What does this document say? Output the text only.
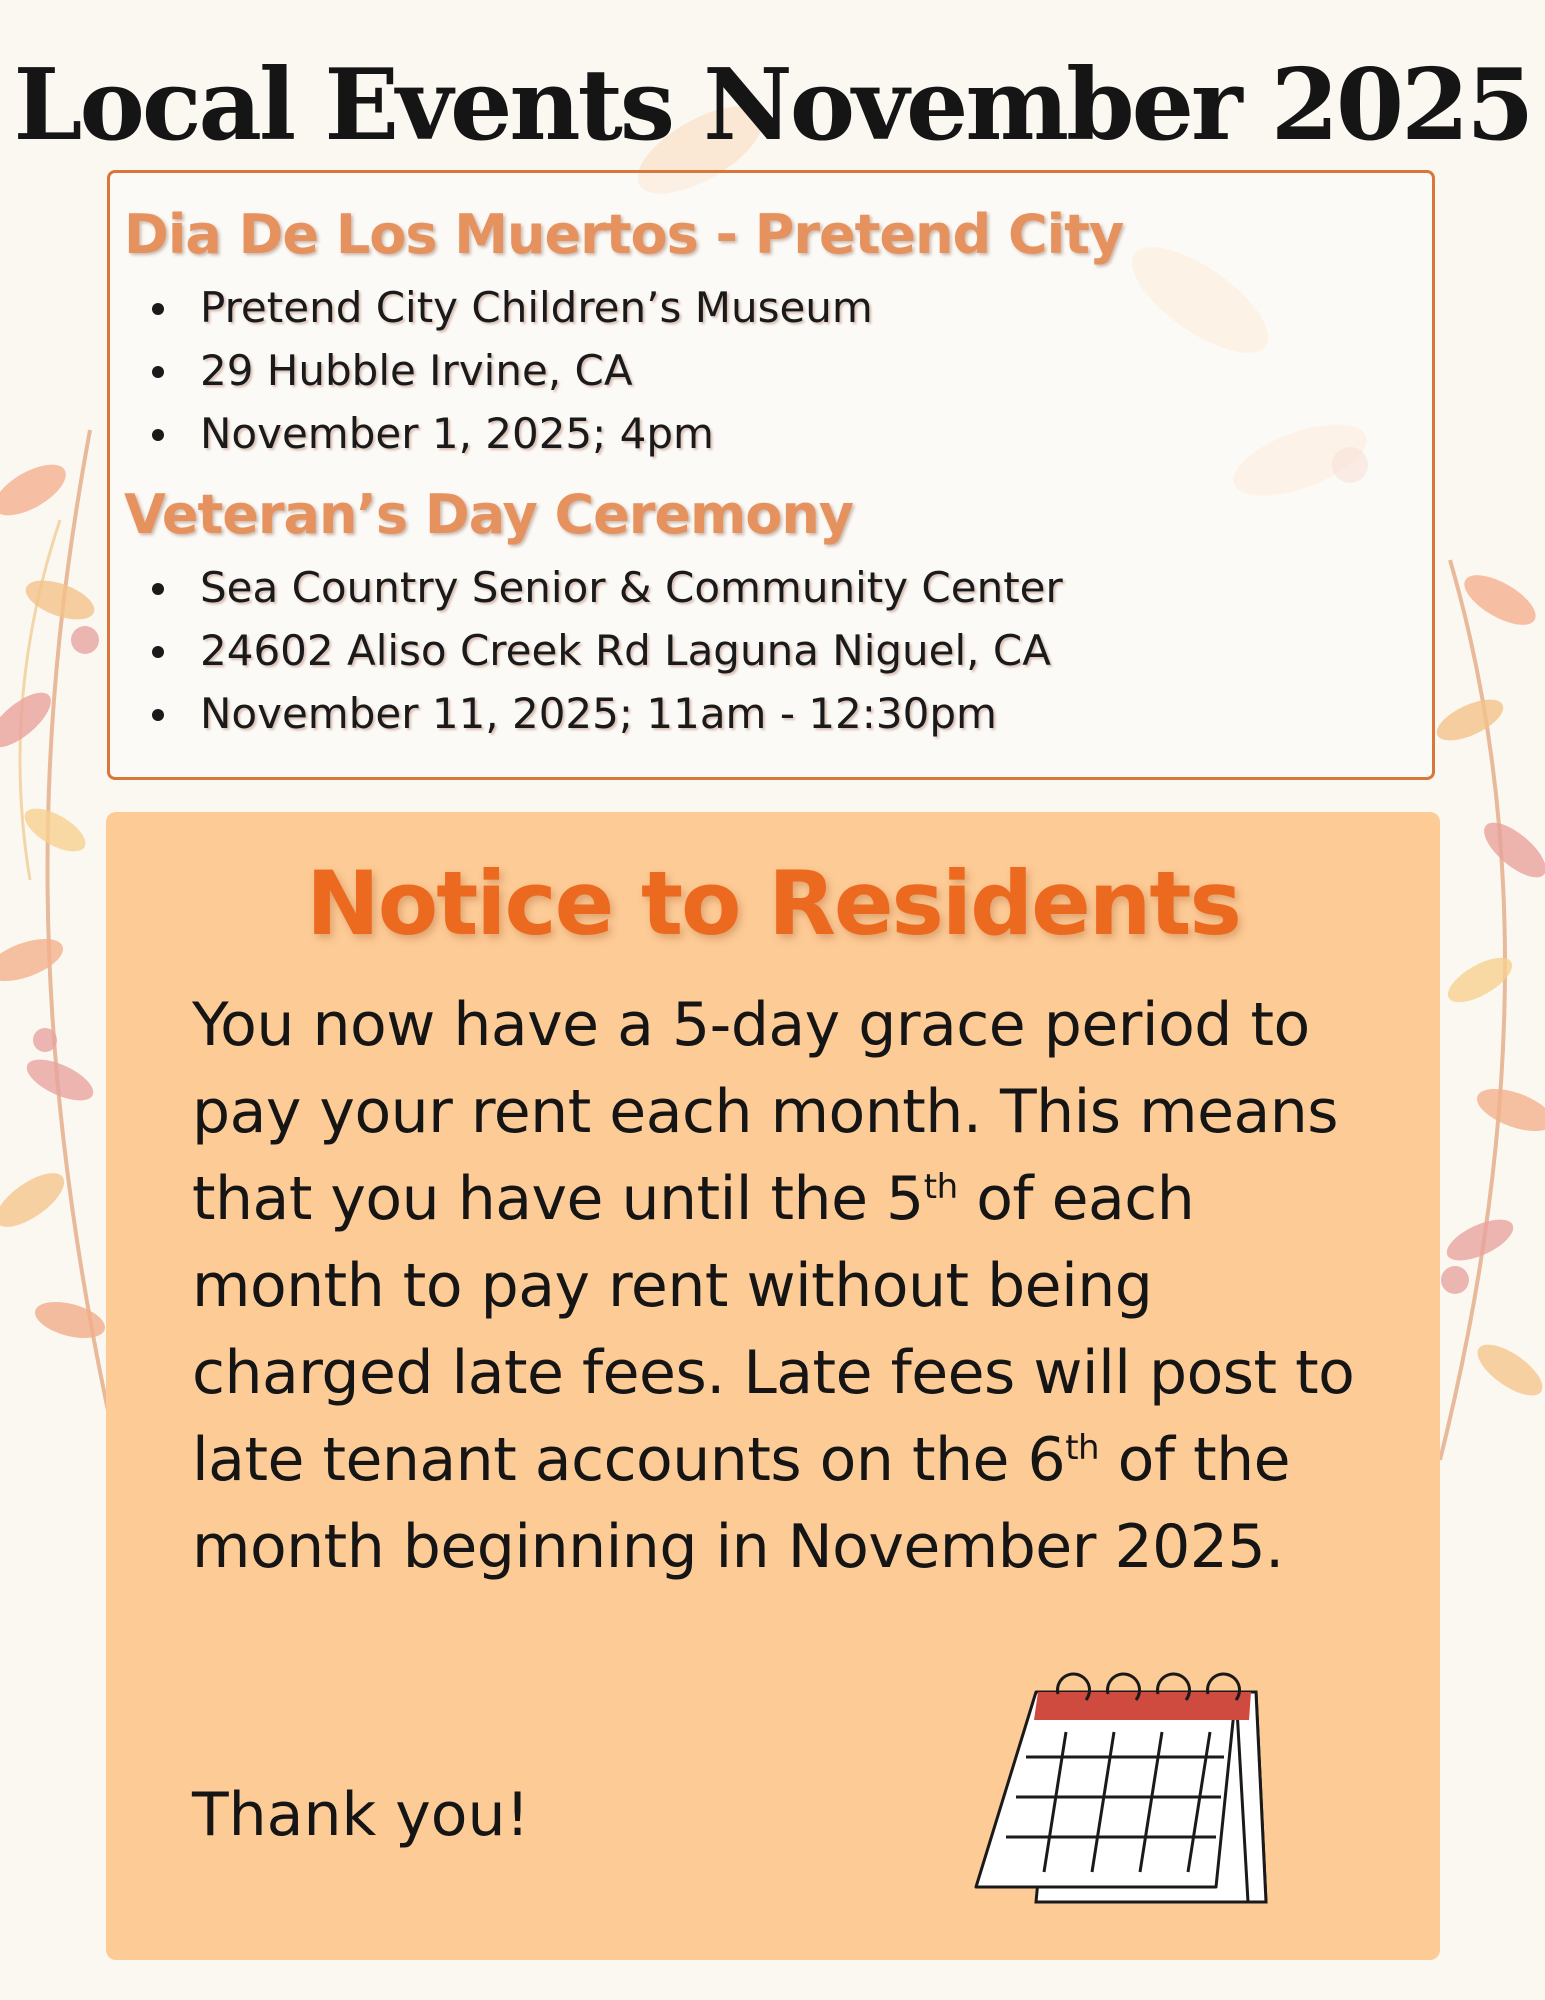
Local Events November 2025
Dia De Los Muertos - Pretend City
Pretend City Children’s Museum
29 Hubble Irvine, CA
November 1, 2025; 4pm
Veteran’s Day Ceremony
Sea Country Senior & Community Center
24602 Aliso Creek Rd Laguna Niguel, CA
November 11, 2025; 11am - 12:30pm
Notice to Residents

You now have a 5-day grace period to pay your rent each month. This means that you have until the 5th of each month to pay rent without being charged late fees. Late fees will post to late tenant accounts on the 6th of the month beginning in November 2025.

Thank you!
